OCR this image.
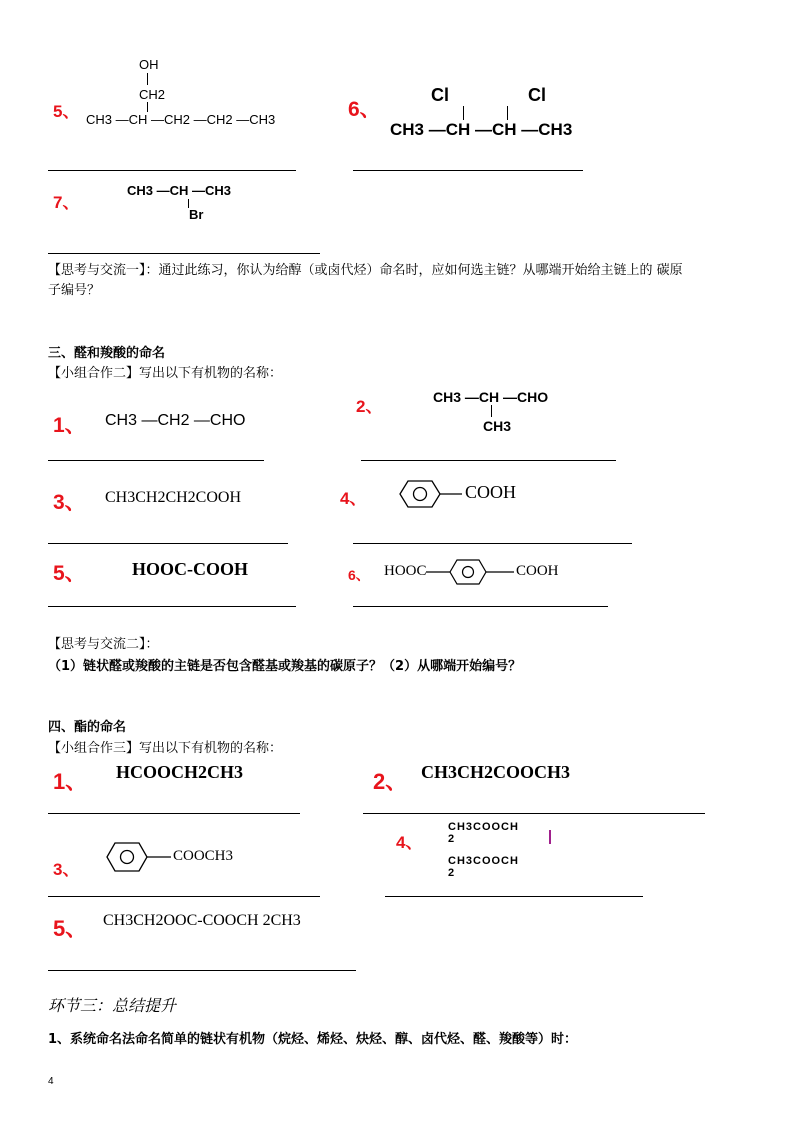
5、
OH
CH2
CH3 —CH —CH2 —CH2 —CH3	6、
Cl	Cl
CH3 —CH —CH —CH3
7、
CH3 —CH —CH3
Br
【思考与交流一】：通过此练习，你认为给醇（或卤代烃）命名时，应如何选主链？从哪端开始给主链上的 碳原
子编号？
三、醛和羧酸的命名
【小组合作二】写出以下有机物的名称：
1、 CH3 —CH2 —CHO
2、	CH3 —CH —CHO
CH3
3、 CH3CH2CH2COOH	4、	COOH
5、	HOOC-COOH	6、 HOOC	COOH
【思考与交流二】：
（1）链状醛或羧酸的主链是否包含醛基或羧基的碳原子？（2）从哪端开始编号？
四、酯的命名
【小组合作三】写出以下有机物的名称：
1、 HCOOCH2CH3	2、 CH3CH2COOCH3
3、
COOCH3
4、
CH3COOCH
2
CH3COOCH
2
5、 CH3CH2OOC-COOCH 2CH3
环节三：总结提升
1、系统命名法命名简单的链状有机物（烷烃、烯烃、炔烃、醇、卤代烃、醛、羧酸等）时：
4
